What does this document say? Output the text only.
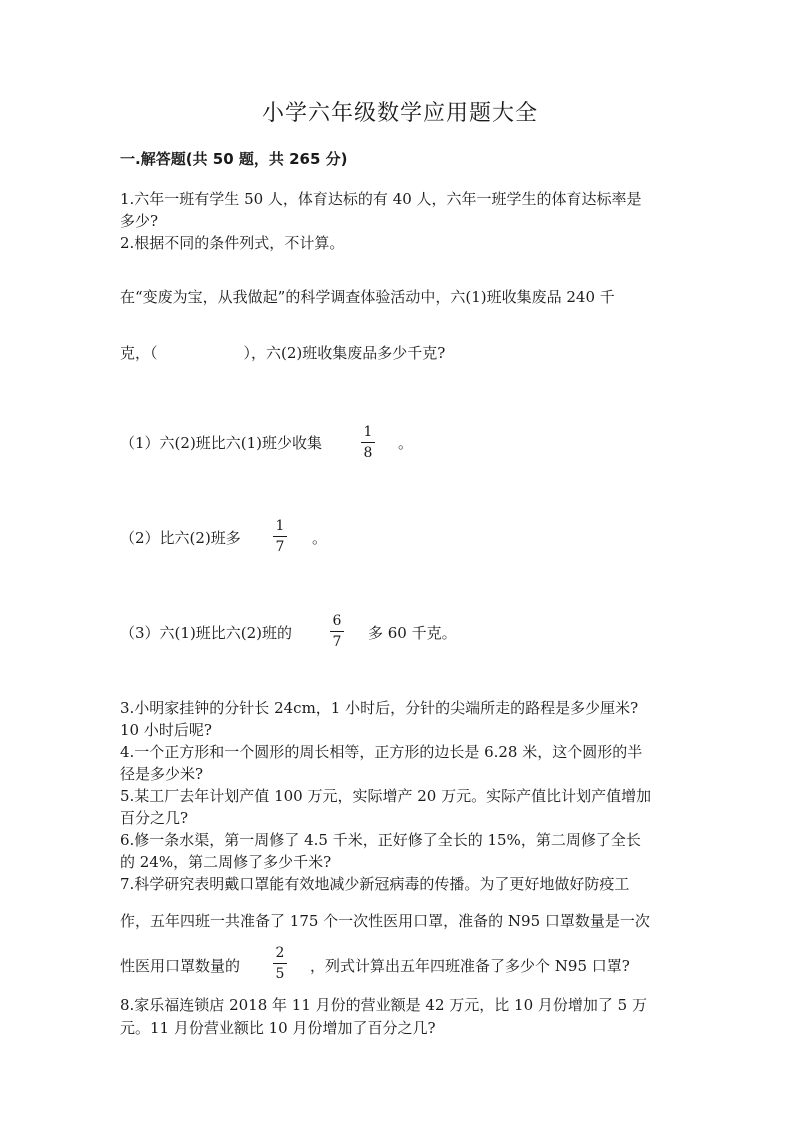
小学六年级数学应用题大全
一.解答题(共 50 题，共 265 分)
1.六年一班有学生 50 人，体育达标的有 40 人，六年一班学生的体育达标率是
多少?
2.根据不同的条件列式，不计算。
在“变废为宝，从我做起”的科学调查体验活动中，六(1)班收集废品 240 千
克，（	），六(2)班收集废品多少千克?
（1）六(2)班比六(1)班少收集
1
8
。
（2）比六(2)班多
1
7	。
（3）六(1)班比六(2)班的
6
7	多 60 千克。
3.小明家挂钟的分针长 24cm，1 小时后，分针的尖端所走的路程是多少厘米?
10 小时后呢?
4.一个正方形和一个圆形的周长相等，正方形的边长是 6.28 米，这个圆形的半
径是多少米?
5.某工厂去年计划产值 100 万元，实际增产 20 万元。实际产值比计划产值增加
百分之几?
6.修一条水渠，第一周修了 4.5 千米，正好修了全长的 15%，第二周修了全长
的 24%，第二周修了多少千米?
7.科学研究表明戴口罩能有效地减少新冠病毒的传播。为了更好地做好防疫工
作，五年四班一共准备了 175 个一次性医用口罩，准备的 N95 口罩数量是一次
性医用口罩数量的
2
5	，列式计算出五年四班准备了多少个 N95 口罩?
8.家乐福连锁店 2018 年 11 月份的营业额是 42 万元，比 10 月份增加了 5 万
元。11 月份营业额比 10 月份增加了百分之几?
